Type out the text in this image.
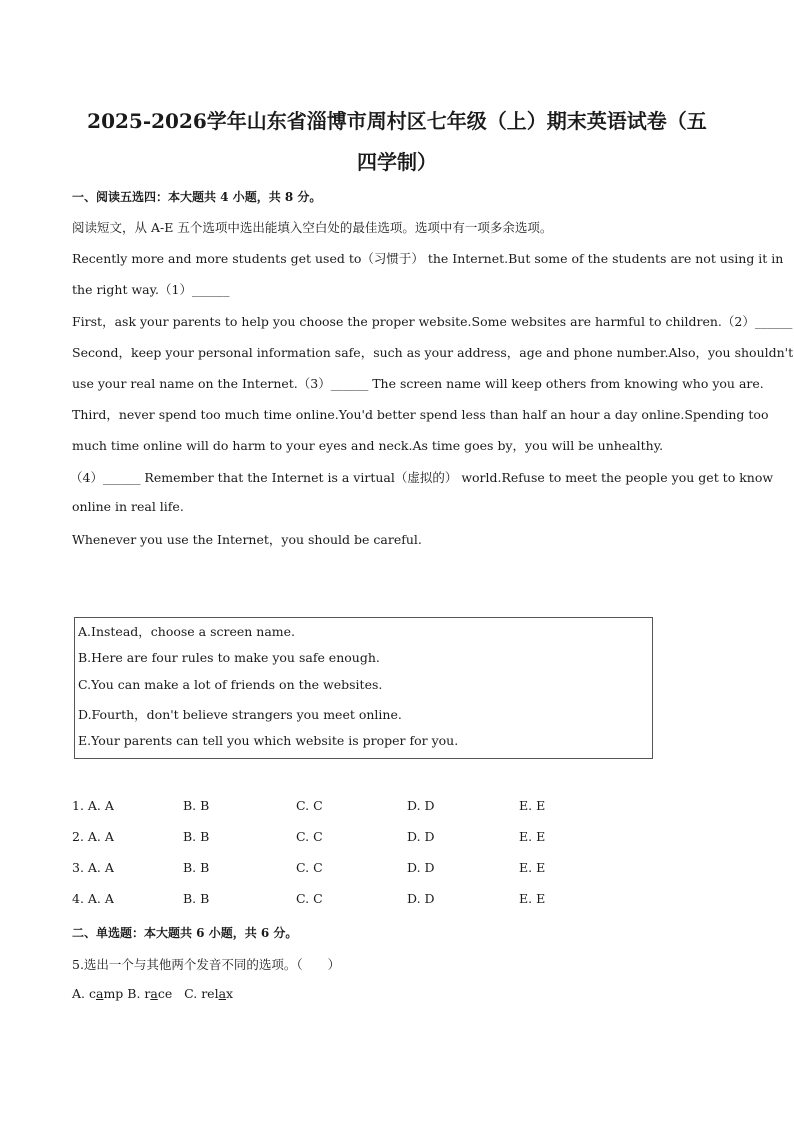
2025-2026学年山东省淄博市周村区七年级（上）期末英语试卷（五
四学制）
一、阅读五选四：本大题共 4 小题，共 8 分。
阅读短文，从 A-E 五个选项中选出能填入空白处的最佳选项。选项中有一项多余选项。
Recently more and more students get used to（习惯于） the Internet.But some of the students are not using it in
the right way.（1）______
First，ask your parents to help you choose the proper website.Some websites are harmful to children.（2）______
Second，keep your personal information safe，such as your address，age and phone number.Also，you shouldn't
use your real name on the Internet.（3）______ The screen name will keep others from knowing who you are.
Third，never spend too much time online.You'd better spend less than half an hour a day online.Spending too
much time online will do harm to your eyes and neck.As time goes by，you will be unhealthy.
（4）______ Remember that the Internet is a virtual（虚拟的） world.Refuse to meet the people you get to know
online in real life.
Whenever you use the Internet，you should be careful.
A.Instead，choose a screen name.
B.Here are four rules to make you safe enough.
C.You can make a lot of friends on the websites.
D.Fourth，don't believe strangers you meet online.
E.Your parents can tell you which website is proper for you.
1. A. A	B. B	C. C	D. D	E. E
2. A. A	B. B	C. C	D. D	E. E
3. A. A	B. B	C. C	D. D	E. E
4. A. A	B. B	C. C	D. D	E. E
二、单选题：本大题共 6 小题，共 6 分。
5.选出一个与其他两个发音不同的选项。（　　）
A. camp B. race   C. relax
